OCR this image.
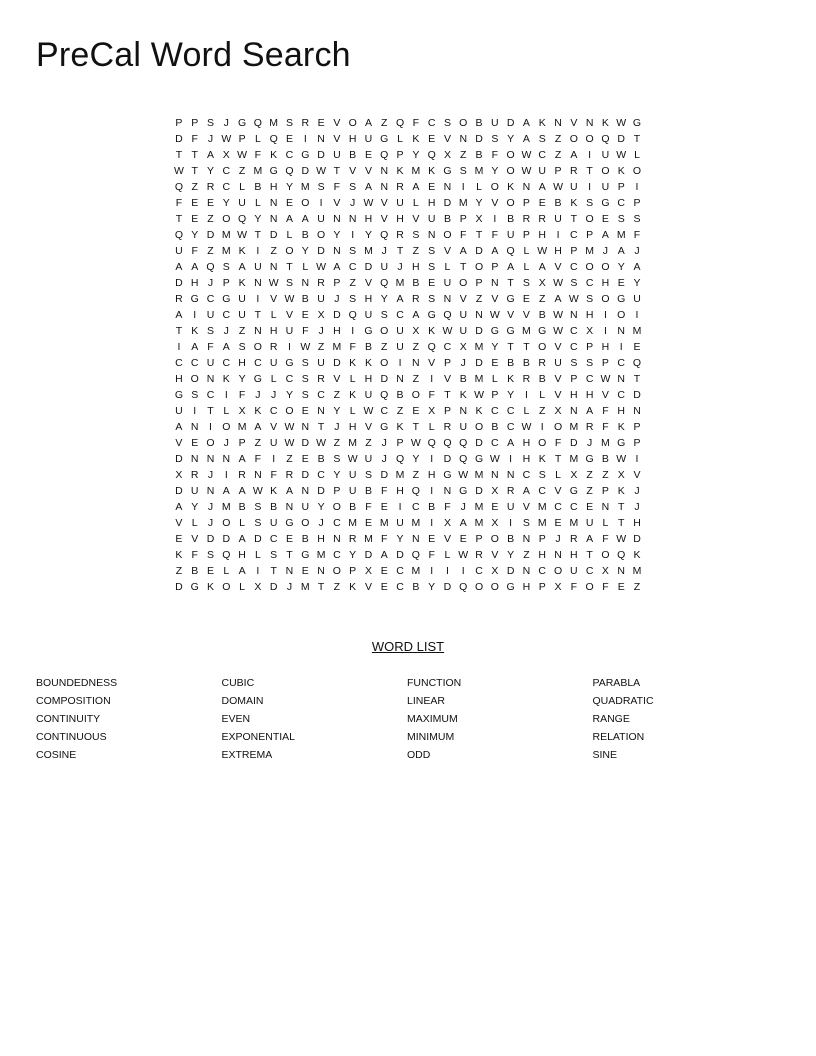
PreCal Word Search
P P S J G Q M S R E V O A Z Q F C S O B U D A K N V N K W G
D F J W P L Q E	I	N V H U G L K E V N D S Y A S Z O O Q D T
T T A X W F K C G D U B E Q P Y Q X Z B F O W C Z A	I	U W L
W T Y C Z M G Q D W T V V N K M K G S M Y O W U P R T O K O
Q Z R C L B H Y M S F S A N R A E N	I	L O K N A W U	I	U P	I
F E E Y U L N E O I	V J W V U L H D M Y V O P E B K S G C P
T E Z O Q Y N A A U N N H V H V U B P X	I	B R R U T O E S S
Q Y D M W T D L B O Y	I	Y Q R S N O F T F U P H	I	C P A M F
U F Z M K	I	Z O Y D N S M J T Z S V A D A Q L W H P M J A J
A A Q S A U N T L W A C D U J H S L T O P A L A V C O O Y A
D H J P K N W S N R P Z V Q M B E U O P N T S X W S C H E Y
R G C G U	I	V W B U J S H Y A R S N V Z V G E Z A W S O G U
A	I	U C U T L V E X D Q U S C A G Q U N W V V B W N H	I O I
T K S J Z N H U F J H	I G O U X K W U D G G M G W C X	I	N M
I	A F A S O R	I W Z M F B Z U Z Q C X M Y T T O V C P H	I	E
C C U C H C U G S U D K K O I	N V P J D E B B R U S S P C Q
H O N K Y G L C S R V L H D N Z	I	V B M L K R B V P C W N T
G S C	I	F J	J Y S C Z K U Q B O F T K W P Y	I	L V H H V C D
U	I	T L X K C O E N Y L W C Z E X P N K C C L Z X N A F H N
A N	I O M A V W N T J H V G K T L R U O B C W I O M R F K P
V E O J P Z U W D W Z M Z J P W Q Q Q D C A H O F D J M G P
D N N N A F	I	Z E B S W U J Q Y	I	D Q G W I	H K T M G B W I
X R J	I	R N F R D C Y U S D M Z H G W M N N C S L X Z Z X V
D U N A A W K A N D P U B F H Q I	N G D X R A C V G Z P K J
A Y J M B S B N U Y O B F E	I	C B F J M E U V M C C E N T J
V L J O L S U G O J C M E M U M I	X A M X	I	S M E M U L T H
E V D D A D C E B H N R M F Y N E V E P O B N P J R A F W D
K F S Q H L S T G M C Y D A D Q F L W R V Y Z H N H T O Q K
Z B E L A	I	T N E N O P X E C M I	I	I	C X D N C O U C X N M
D G K O L X D J M T Z K V E C B Y D Q O O G H P X F O F E Z
WORD LIST
BOUNDEDNESS
COMPOSITION
CONTINUITY
CONTINUOUS
COSINE
CUBIC
DOMAIN
EVEN
EXPONENTIAL
EXTREMA
FUNCTION
LINEAR
MAXIMUM
MINIMUM
ODD
PARABLA
QUADRATIC
RANGE
RELATION
SINE
